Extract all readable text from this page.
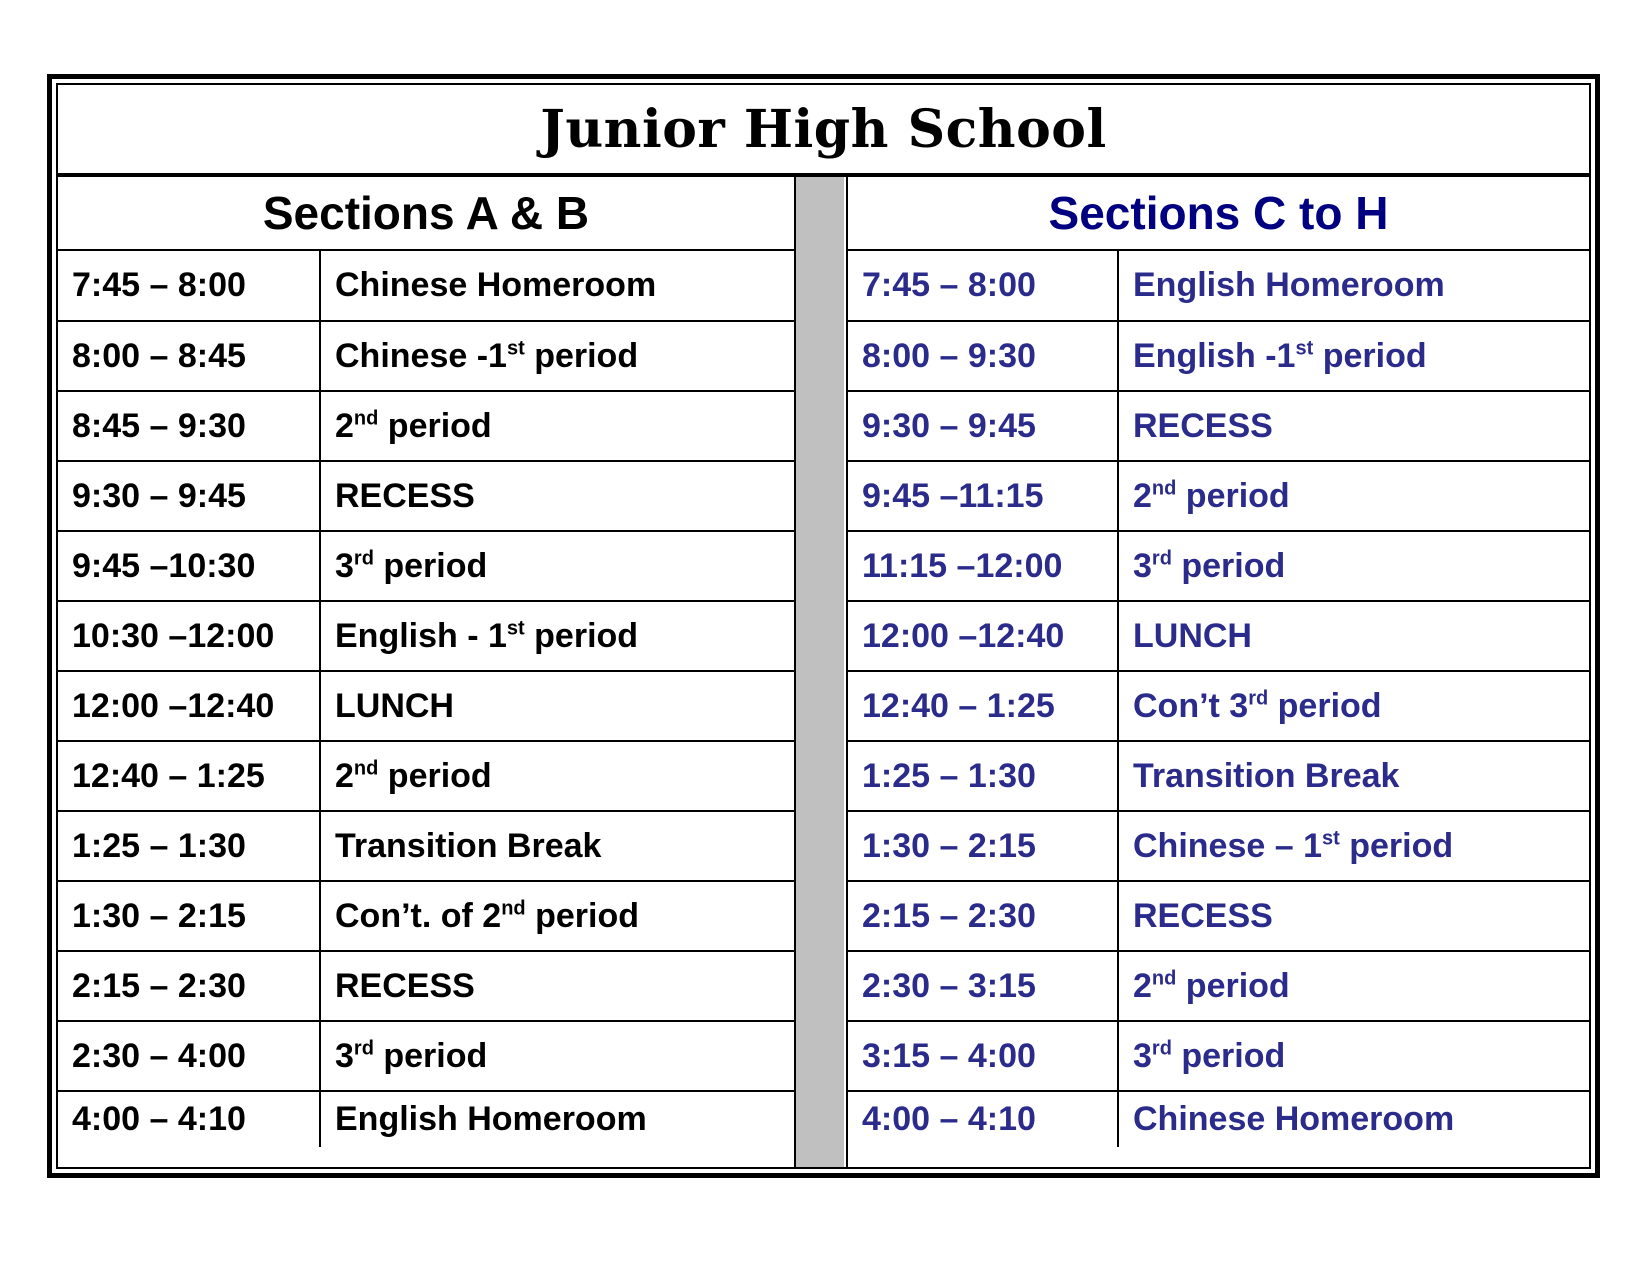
Junior High School
Sections A & B
7:45 – 8:00	Chinese Homeroom
8:00 – 8:45	Chinese -1st period
8:45 – 9:30	2nd period
9:30 – 9:45	RECESS
9:45 –10:30	3rd period
10:30 –12:00	English - 1st period
12:00 –12:40	LUNCH
12:40 – 1:25	2nd period
1:25 – 1:30	Transition Break
1:30 – 2:15	Con’t. of 2nd period
2:15 – 2:30	RECESS
2:30 – 4:00	3rd period
4:00 – 4:10	English Homeroom
Sections C to H
7:45 – 8:00	English Homeroom
8:00 – 9:30	English -1st period
9:30 – 9:45	RECESS
9:45 –11:15	2nd period
11:15 –12:00	3rd period
12:00 –12:40	LUNCH
12:40 – 1:25	Con’t 3rd period
1:25 – 1:30	Transition Break
1:30 – 2:15	Chinese – 1st period
2:15 – 2:30	RECESS
2:30 – 3:15	2nd period
3:15 – 4:00	3rd period
4:00 – 4:10	Chinese Homeroom
